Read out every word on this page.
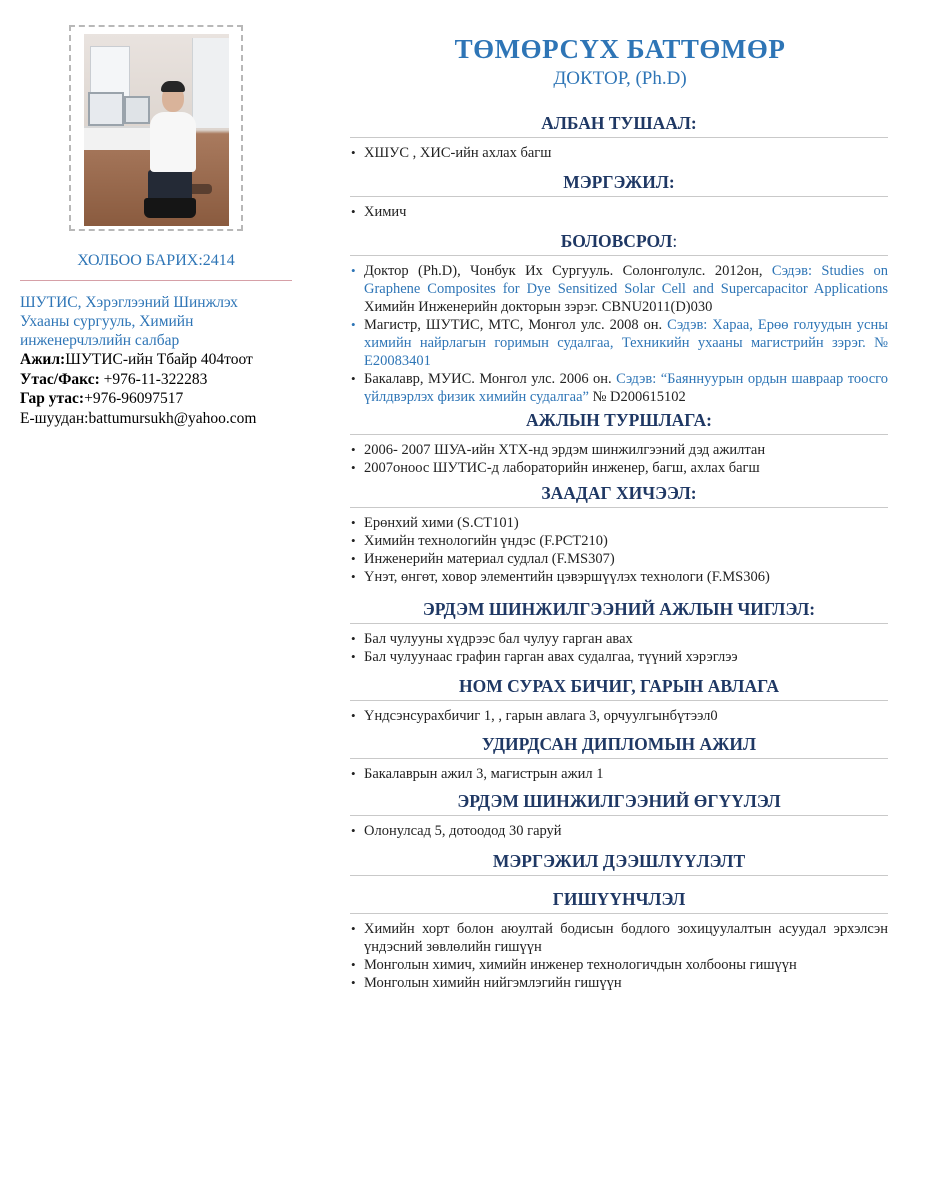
ХОЛБОО БАРИХ:2414
ШУТИС, Хэрэглээний Шинжлэх Ухааны сургууль, Химийн инженерчлэлийн салбар
Ажил:ШУТИС-ийн Тбайр 404тоот
Утас/Факс: +976-11-322283
Гар утас:+976-96097517
E-шуудан:battumursukh@yahoo.com
ТӨМӨРСҮХ БАТТӨМӨР
ДОКТОР, (Ph.D)
АЛБАН ТУШААЛ:
• ХШУС , ХИС-ийн ахлах багш
МЭРГЭЖИЛ:
• Химич
БОЛОВСРОЛ:
• Доктор (Ph.D), Чонбук Их Сургууль. Солонголулс. 2012он, Сэдэв: Studies on Graphene Composites for Dye Sensitized Solar Cell and Supercapacitor Applications Химийн Инженерийн докторын зэрэг. CBNU2011(D)030
• Магистр, ШУТИС, МТС, Монгол улс. 2008 он. Сэдэв: Хараа, Ерөө голуудын усны химийн найрлагын горимын судалгаа, Техникийн ухааны магистрийн зэрэг. № E20083401
• Бакалавр, МУИС. Монгол улс. 2006 он. Сэдэв: “Баяннуурын ордын шавраар тоосго үйлдвэрлэх физик химийн судалгаа” № D200615102
АЖЛЫН ТУРШЛАГА:
• 2006- 2007 ШУА-ийн ХТХ-нд эрдэм шинжилгээний дэд ажилтан
• 2007оноос ШУТИС-д лабораторийн инженер, багш, ахлах багш
ЗААДАГ ХИЧЭЭЛ:
• Ерөнхий хими (S.CT101)
• Химийн технологийн үндэс (F.PCT210)
• Инженерийн материал судлал (F.MS307)
• Үнэт, өнгөт, ховор элементийн цэвэршүүлэх технологи (F.MS306)
ЭРДЭМ ШИНЖИЛГЭЭНИЙ АЖЛЫН ЧИГЛЭЛ:
• Бал чулууны хүдрээс бал чулуу гарган авах
• Бал чулуунаас графин гарган авах судалгаа, түүний хэрэглээ
НОМ СУРАХ БИЧИГ, ГАРЫН АВЛАГА
• Үндсэнсурахбичиг 1, , гарын авлага 3, орчуулгынбүтээл0
УДИРДСАН ДИПЛОМЫН АЖИЛ
• Бакалаврын ажил 3, магистрын ажил 1
ЭРДЭМ ШИНЖИЛГЭЭНИЙ ӨГҮҮЛЭЛ
• Олонулсад 5, дотоодод 30 гаруй
МЭРГЭЖИЛ ДЭЭШЛҮҮЛЭЛТ
ГИШҮҮНЧЛЭЛ
• Химийн хорт болон аюултай бодисын бодлого зохицуулалтын асуудал эрхэлсэн үндэсний зөвлөлийн гишүүн
• Монголын химич, химийн инженер технологичдын холбооны гишүүн
• Монголын химийн нийгэмлэгийн гишүүн
